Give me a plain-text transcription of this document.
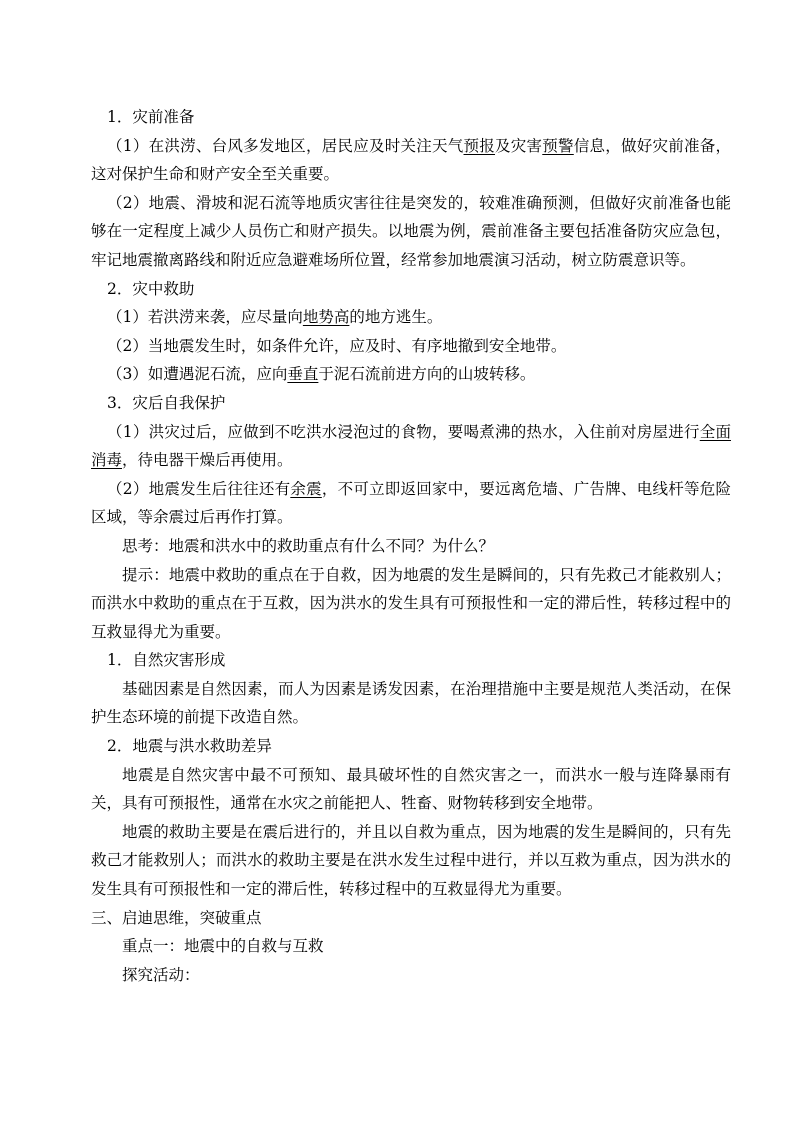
1．灾前准备

（1）在洪涝、台风多发地区，居民应及时关注天气预报及灾害预警信息，做好灾前准备，这对保护生命和财产安全至关重要。

（2）地震、滑坡和泥石流等地质灾害往往是突发的，较难准确预测，但做好灾前准备也能够在一定程度上减少人员伤亡和财产损失。以地震为例，震前准备主要包括准备防灾应急包，牢记地震撤离路线和附近应急避难场所位置，经常参加地震演习活动，树立防震意识等。

2．灾中救助

（1）若洪涝来袭，应尽量向地势高的地方逃生。

（2）当地震发生时，如条件允许，应及时、有序地撤到安全地带。

（3）如遭遇泥石流，应向垂直于泥石流前进方向的山坡转移。

3．灾后自我保护

（1）洪灾过后，应做到不吃洪水浸泡过的食物，要喝煮沸的热水，入住前对房屋进行全面消毒，待电器干燥后再使用。

（2）地震发生后往往还有余震，不可立即返回家中，要远离危墙、广告牌、电线杆等危险区域，等余震过后再作打算。

思考：地震和洪水中的救助重点有什么不同？为什么？

提示：地震中救助的重点在于自救，因为地震的发生是瞬间的，只有先救己才能救别人；而洪水中救助的重点在于互救，因为洪水的发生具有可预报性和一定的滞后性，转移过程中的互救显得尤为重要。

1．自然灾害形成

基础因素是自然因素，而人为因素是诱发因素，在治理措施中主要是规范人类活动，在保护生态环境的前提下改造自然。

2．地震与洪水救助差异

地震是自然灾害中最不可预知、最具破坏性的自然灾害之一，而洪水一般与连降暴雨有关，具有可预报性，通常在水灾之前能把人、牲畜、财物转移到安全地带。

地震的救助主要是在震后进行的，并且以自救为重点，因为地震的发生是瞬间的，只有先救己才能救别人；而洪水的救助主要是在洪水发生过程中进行，并以互救为重点，因为洪水的发生具有可预报性和一定的滞后性，转移过程中的互救显得尤为重要。

三、启迪思维，突破重点

重点一：地震中的自救与互救

探究活动：
